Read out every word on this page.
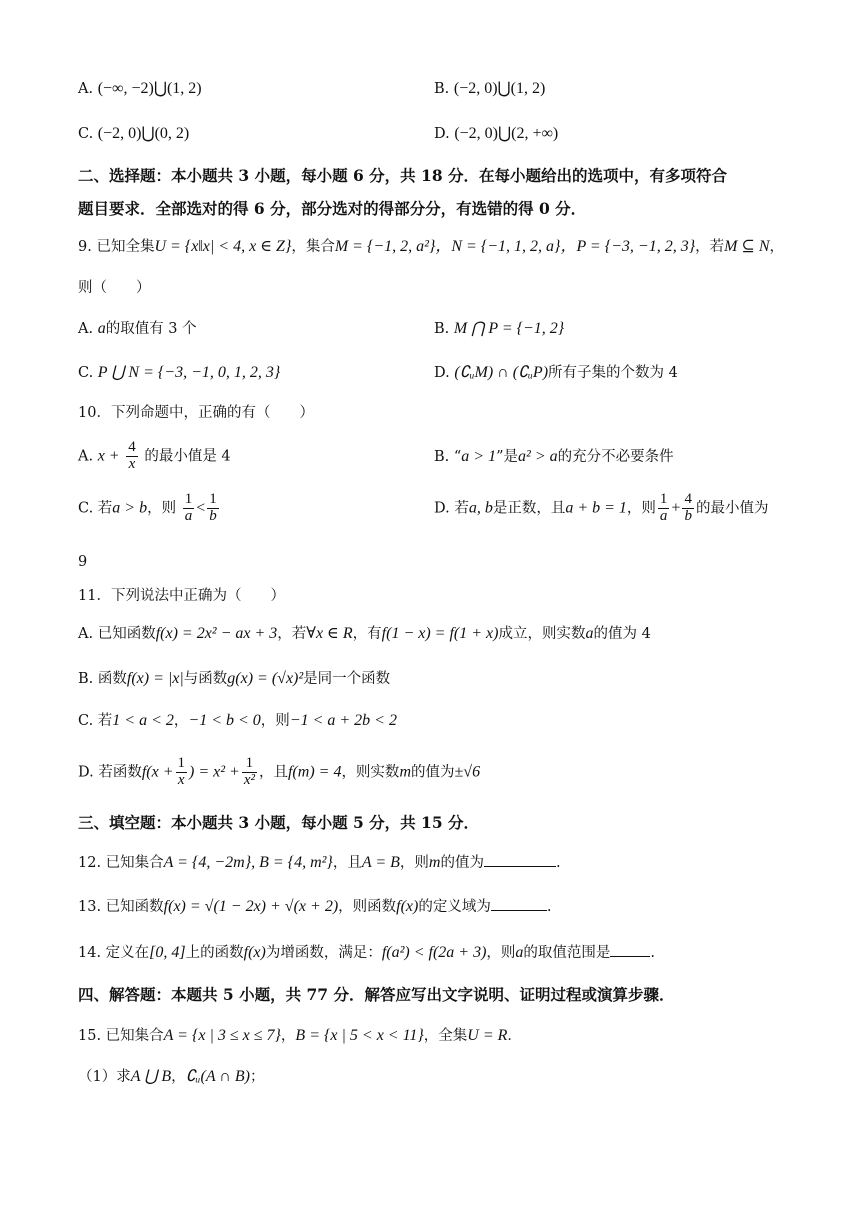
A. (−∞, −2)⋃(1, 2)	B. (−2, 0)⋃(1, 2)
C. (−2, 0)⋃(0, 2)	D. (−2, 0)⋃(2, +∞)
二、选择题：本小题共 3 小题，每小题 6 分，共 18 分．在每小题给出的选项中，有多项符合
题目要求．全部选对的得 6 分，部分选对的得部分分，有选错的得 0 分．
9. 已知全集U = {x‖x| < 4, x ∈ Z}，集合M = {−1, 2, a²}，N = {−1, 1, 2, a}，P = {−3, −1, 2, 3}，若M ⊆ N，
则（　　）
A. a的取值有 3 个	B. M ⋂ P = {−1, 2}
C. P ⋃ N = {−3, −1, 0, 1, 2, 3}	D. (∁ᵤM) ∩ (∁ᵤP)所有子集的个数为 4
10．下列命题中，正确的有（　　）
A. $x + \frac{4}{x}$ 的最小值是 4	B. “a > 1”是a² > a的充分不必要条件
C. 若a > b，则 $\frac{1}{a} < \frac{1}{b}$	D. 若a, b是正数，且a + b = 1，则 $\frac{1}{a} + \frac{4}{b}$ 的最小值为
9
11．下列说法中正确为（　　）
A. 已知函数f(x) = 2x² − ax + 3，若∀x ∈ R，有f(1 − x) = f(1 + x)成立，则实数a的值为 4
B. 函数f(x) = |x|与函数g(x) = (√x)²是同一个函数
C. 若1 < a < 2，−1 < b < 0，则−1 < a + 2b < 2
D. 若函数$f(x + \frac{1}{x}$ ) = $x^2 + \frac{1}{\text{x²}}$ ，且f(m) = 4，则实数m的值为±√6
三、填空题：本小题共 3 小题，每小题 5 分，共 15 分．
12. 已知集合A = {4, −2m}, B = {4, m²}，且A = B，则m的值为	.
13. 已知函数f(x) = √(1 − 2x) + √(x + 2)，则函数f(x)的定义域为	.
14. 定义在[0, 4]上的函数f(x)为增函数，满足：f(a²) < f(2a + 3)，则a的取值范围是	.
四、解答题：本题共 5 小题，共 77 分．解答应写出文字说明、证明过程或演算步骤．
15. 已知集合A = {x | 3 ≤ x ≤ 7}，B = {x | 5 < x < 11}，全集U = R．
（1）求A ⋃ B，∁ᵤ(A ∩ B)；
